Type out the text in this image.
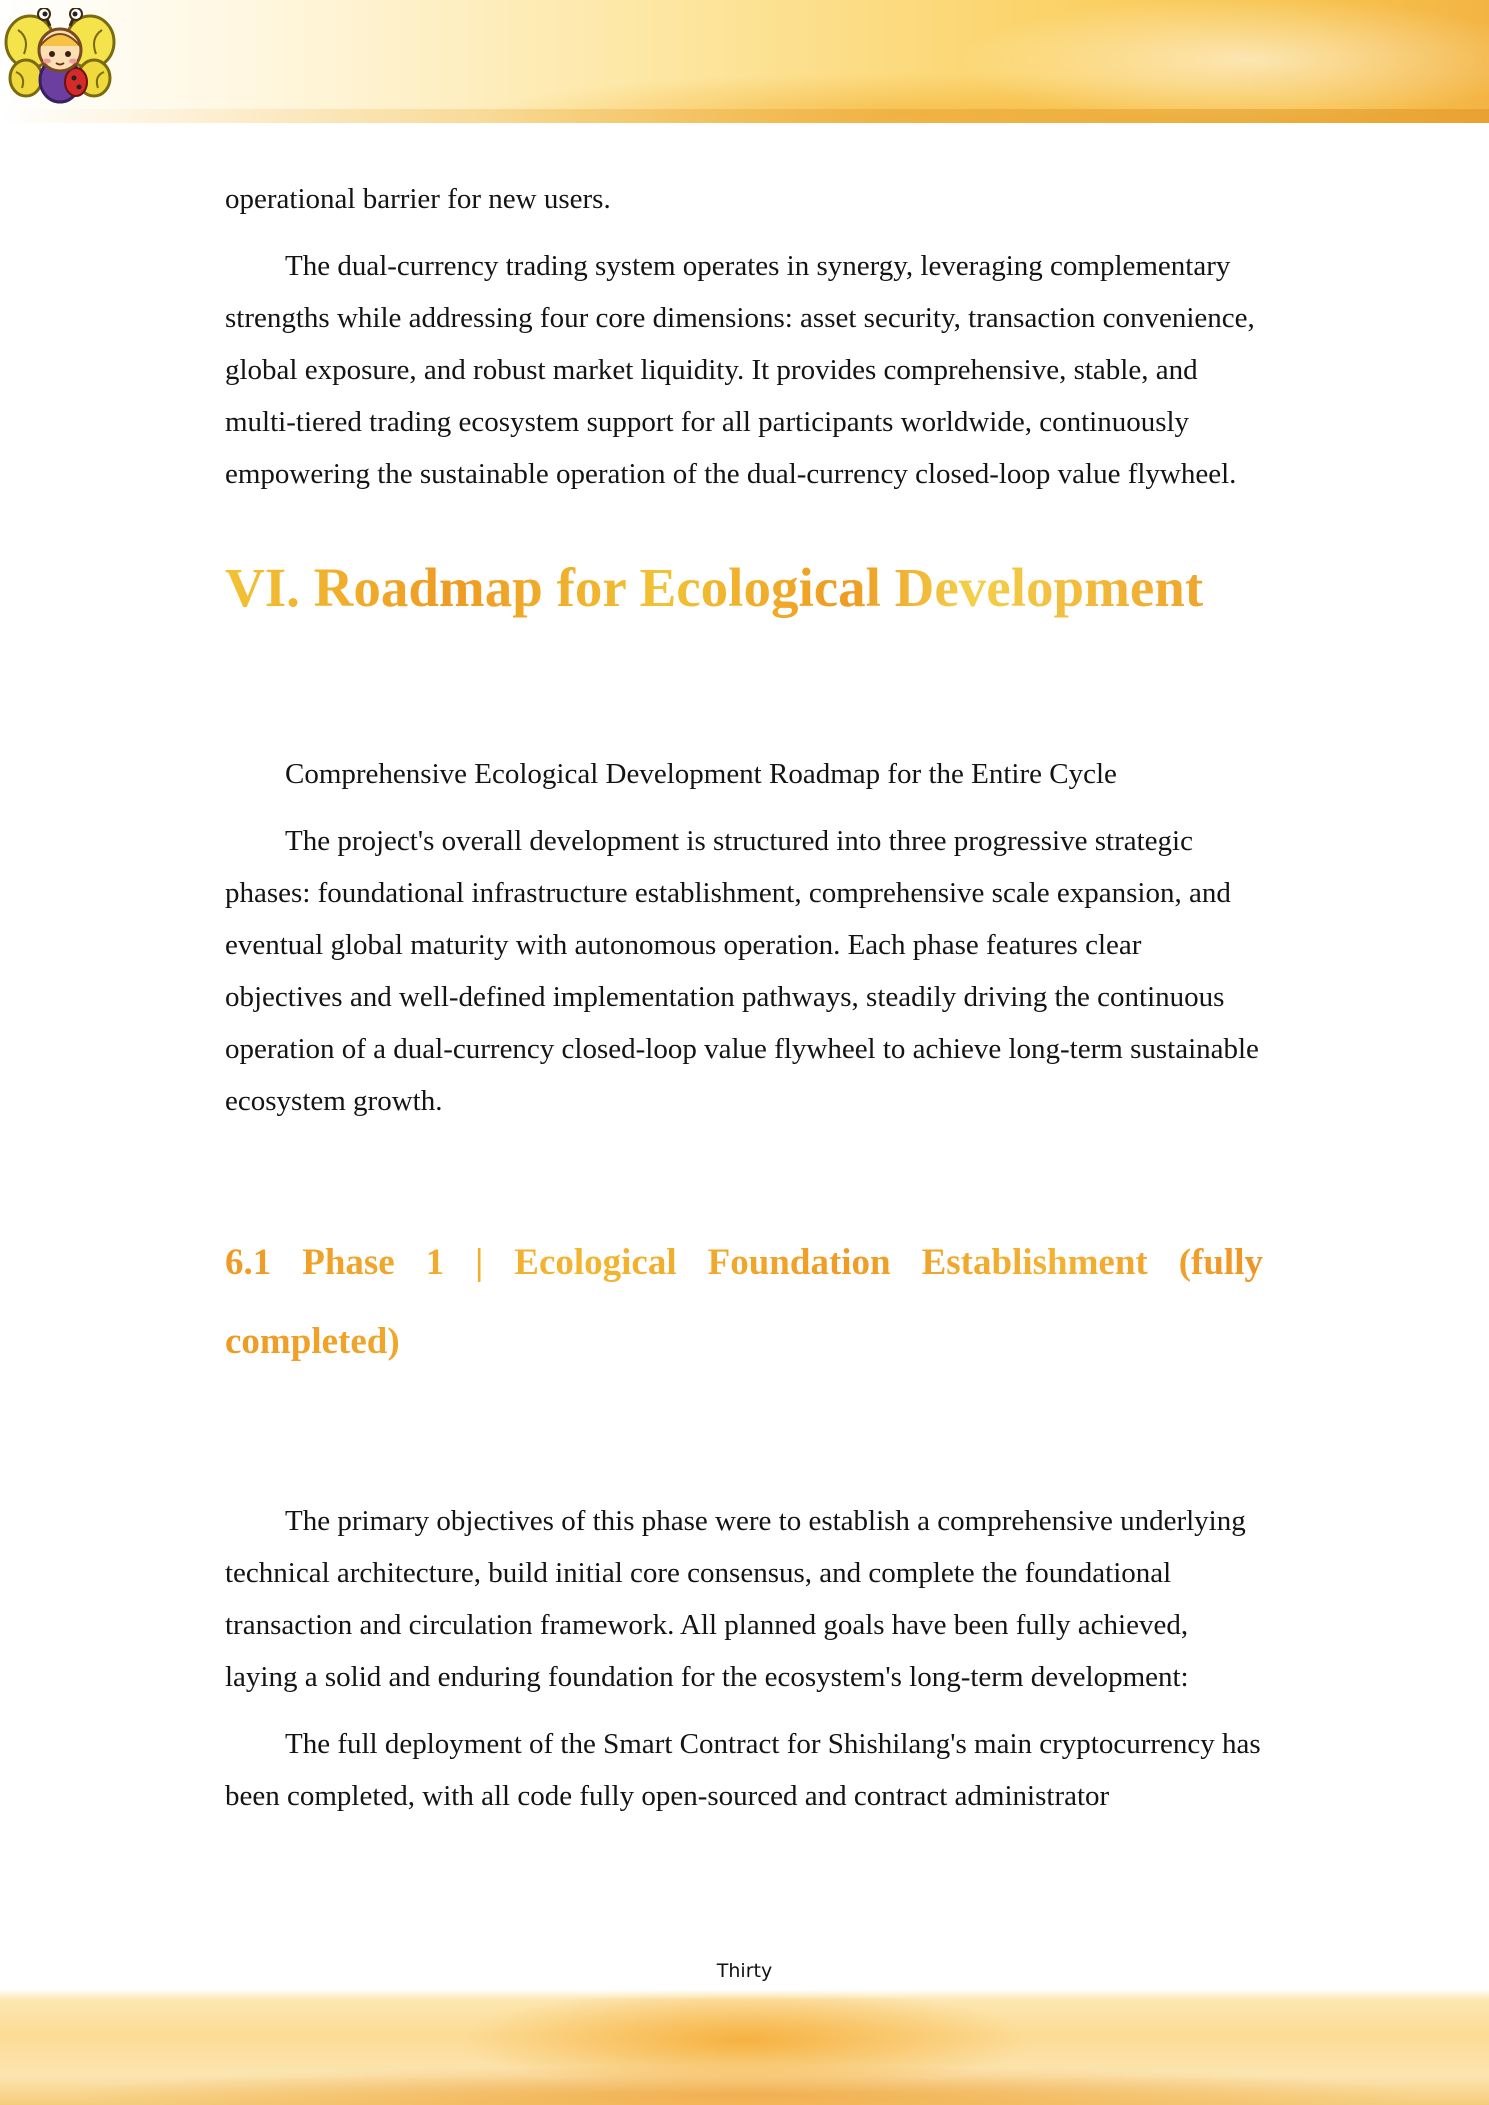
operational barrier for new users.

The dual-currency trading system operates in synergy, leveraging complementary strengths while addressing four core dimensions: asset security, transaction convenience, global exposure, and robust market liquidity. It provides comprehensive, stable, and multi-tiered trading ecosystem support for all participants worldwide, continuously empowering the sustainable operation of the dual-currency closed-loop value flywheel.

VI. Roadmap for Ecological Development

Comprehensive Ecological Development Roadmap for the Entire Cycle

The project's overall development is structured into three progressive strategic phases: foundational infrastructure establishment, comprehensive scale expansion, and eventual global maturity with autonomous operation. Each phase features clear objectives and well-defined implementation pathways, steadily driving the continuous operation of a dual-currency closed-loop value flywheel to achieve long-term sustainable ecosystem growth.

6.1 Phase 1 | Ecological Foundation Establishment (fully completed)

The primary objectives of this phase were to establish a comprehensive underlying technical architecture, build initial core consensus, and complete the foundational transaction and circulation framework. All planned goals have been fully achieved, laying a solid and enduring foundation for the ecosystem's long-term development:

The full deployment of the Smart Contract for Shishilang's main cryptocurrency has been completed, with all code fully open-sourced and contract administrator

Thirty
